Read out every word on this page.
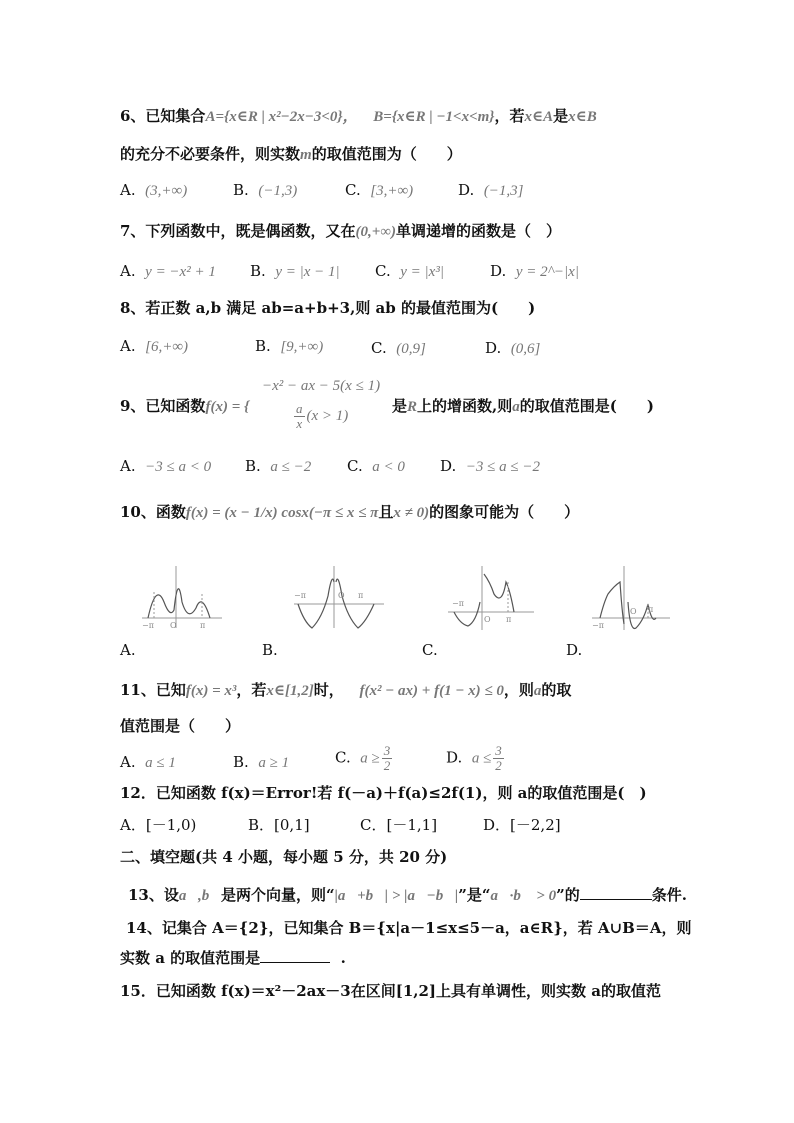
6、已知集合A={x∈R | x²−2x−3<0}， B={x∈R | −1<x<m}，若x∈A是x∈B
的充分不必要条件，则实数m的取值范围为（　　）
A. (3,+∞)	B. (−1,3)	C. [3,+∞)	D. (−1,3]
7、下列函数中，既是偶函数，又在(0,+∞)单调递增的函数是（　）
A. y = −x² + 1 B. y = |x − 1| C. y = |x³|	D. y = 2^−|x|
8、若正数 a,b 满足 ab=a+b+3,则 ab 的最值范围为(　　)
A. [6,+∞)	B. [9,+∞)	C. (0,9]	D. (0,6]
9、已知函数f(x) = {
−x² − ax − 5(x ≤ 1)
$\frac{a}{x} (x > 1)$
是R上的增函数,则a的取值范围是(　　)
A. −3 ≤ a < 0 B. a ≤ −2 C. a < 0 D. −3 ≤ a ≤ −2
10、函数f(x) = (x − 1/x) cosx(−π ≤ x ≤ π且x ≠ 0)的图象可能为（　　）
−π O	π
−π	O π
−π
O π
−π
O π
A.	B.	C.	D.
11、已知f(x) = x³，若x∈[1,2]时， f(x² − ax) + f(1 − x) ≤ 0，则a的取
值范围是（　　）
A. a ≤ 1	B. a ≥ 1	C. $a \ge \frac{3}{2}$	D. $a \le \frac{3}{2}$
12．已知函数 f(x)＝Error!若 f(－a)＋f(a)≤2f(1)，则 a的取值范围是(　)
A．[－1,0)	B．[0,1]	C．[－1,1]	D．[－2,2]
二、填空题(共 4 小题，每小题 5 分，共 20 分)
13、设a⃗,b⃗是两个向量，则“|a⃗+b⃗| > |a⃗−b⃗|”是“a⃗·b⃗ > 0”的	条件.
14、记集合 A＝{2}，已知集合 B＝{x|a－1≤x≤5－a，a∈R}，若 A∪B＝A，则
实数 a 的取值范围是	.
15．已知函数 f(x)＝x²－2ax－3在区间[1,2]上具有单调性，则实数 a的取值范
